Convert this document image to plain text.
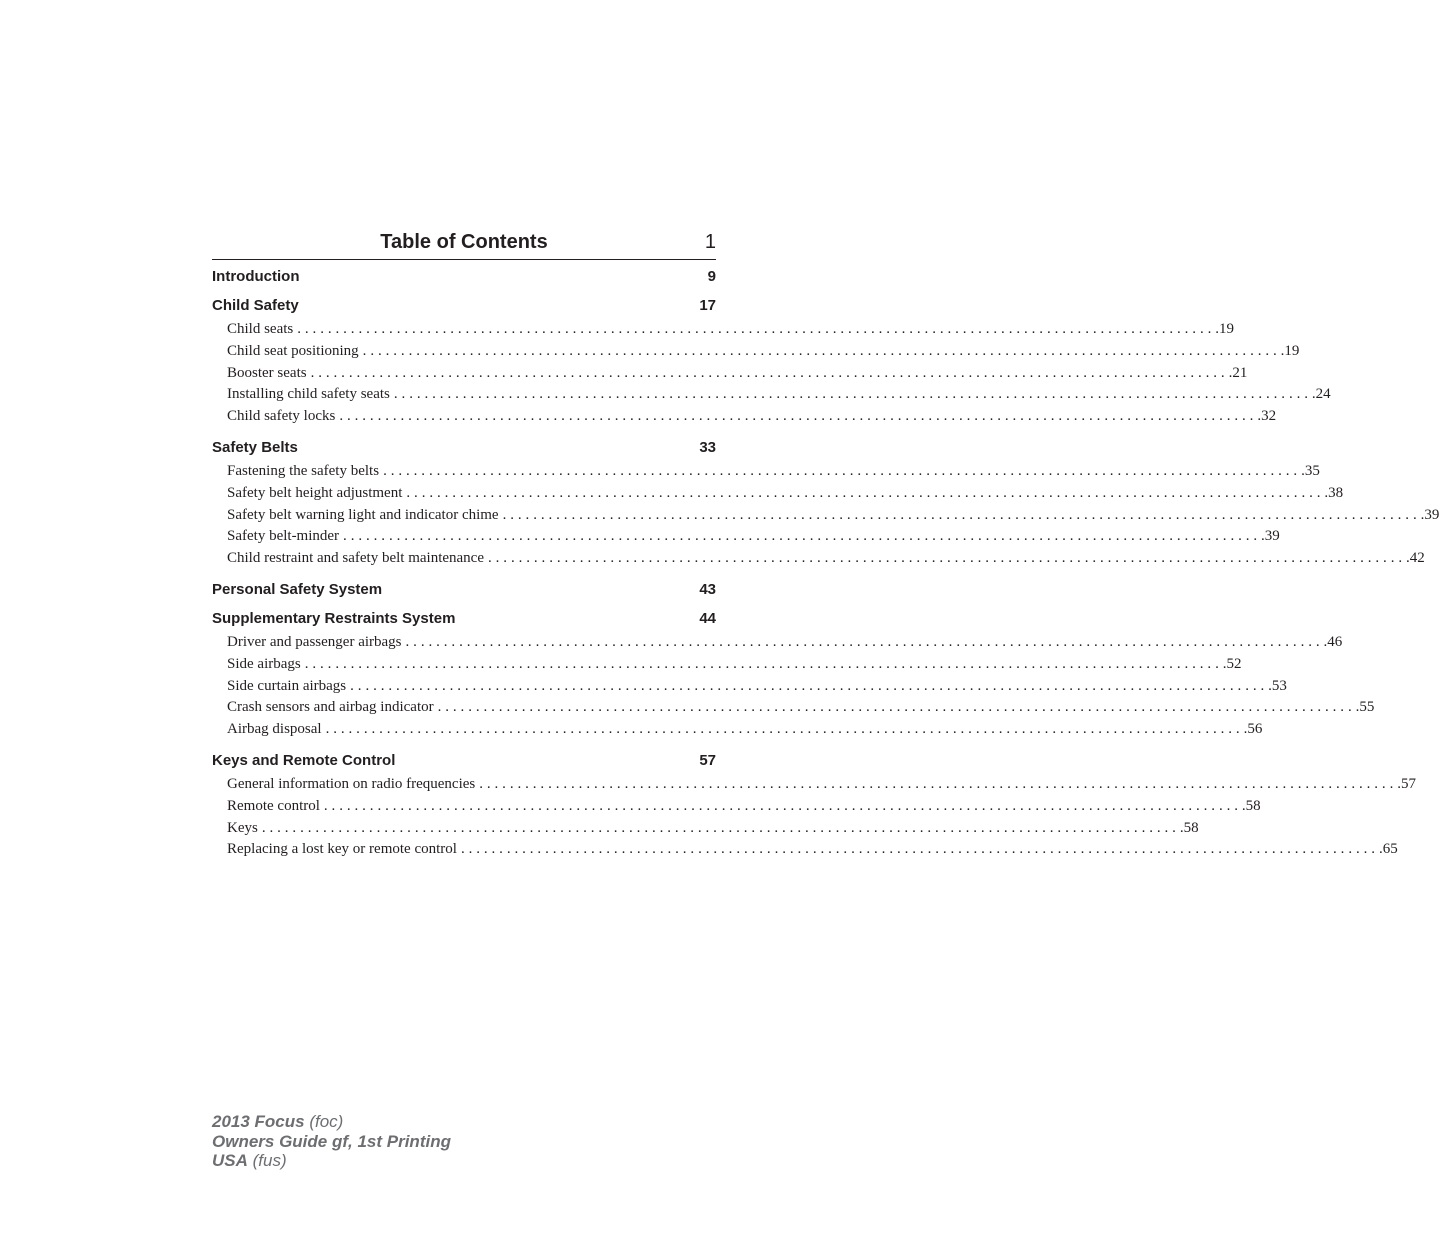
Table of Contents	1
Introduction	9
Child Safety	17
Child seats ........................................................................................................................ .19
Child seat positioning ........................................................................................................................ .19
Booster seats ........................................................................................................................ .21
Installing child safety seats ........................................................................................................................ .24
Child safety locks ........................................................................................................................ .32
Safety Belts	33
Fastening the safety belts ........................................................................................................................ .35
Safety belt height adjustment ........................................................................................................................ .38
Safety belt warning light and indicator chime ........................................................................................................................ .39
Safety belt-minder ........................................................................................................................ .39
Child restraint and safety belt maintenance ........................................................................................................................ .42
Personal Safety System	43
Supplementary Restraints System	44
Driver and passenger airbags ........................................................................................................................ .46
Side airbags ........................................................................................................................ .52
Side curtain airbags ........................................................................................................................ .53
Crash sensors and airbag indicator ........................................................................................................................ .55
Airbag disposal ........................................................................................................................ .56
Keys and Remote Control	57
General information on radio frequencies ........................................................................................................................ .57
Remote control ........................................................................................................................ .58
Keys ........................................................................................................................ .58
Replacing a lost key or remote control ........................................................................................................................ .65
2013 Focus (foc)
Owners Guide gf, 1st Printing
USA (fus)
